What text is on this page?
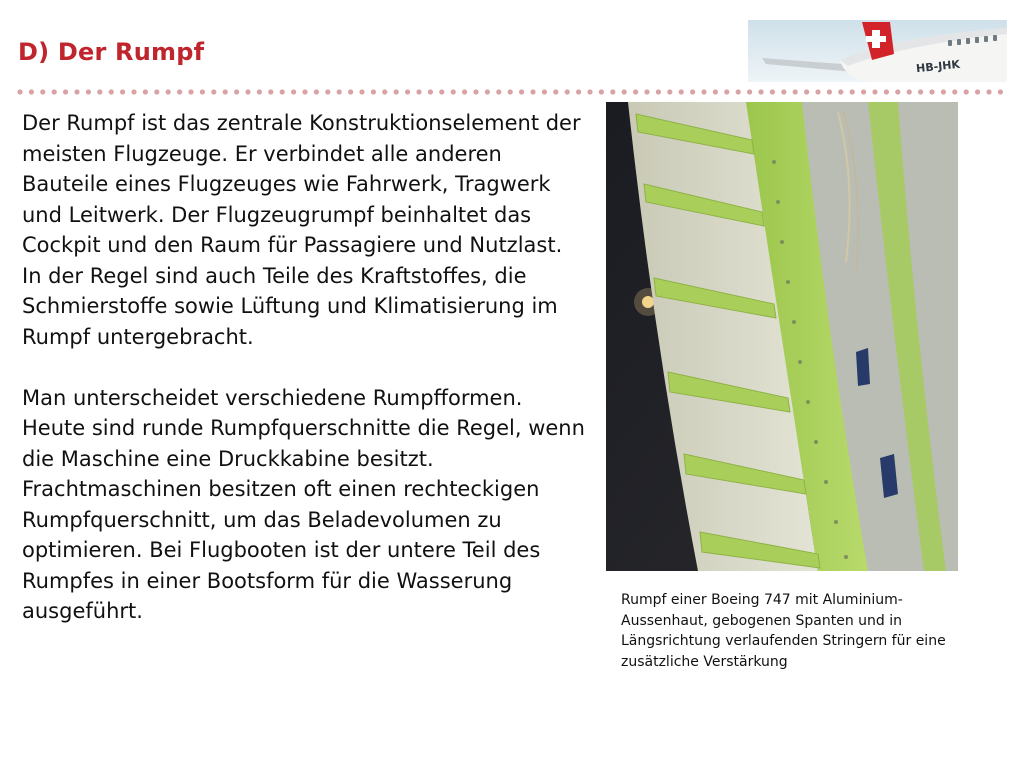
D) Der Rumpf
HB-JHK

Der Rumpf ist das zentrale Konstruktionselement der meisten Flugzeuge. Er verbindet alle anderen Bauteile eines Flugzeuges wie Fahrwerk, Tragwerk und Leitwerk. Der Flugzeugrumpf beinhaltet das Cockpit und den Raum für Passagiere und Nutzlast. In der Regel sind auch Teile des Kraftstoffes, die Schmierstoffe sowie Lüftung und Klimatisierung im Rumpf untergebracht.

Man unterscheidet verschiedene Rumpfformen. Heute sind runde Rumpfquerschnitte die Regel, wenn die Maschine eine Druckkabine besitzt. Frachtmaschinen besitzen oft einen rechteckigen Rumpfquerschnitt, um das Beladevolumen zu optimieren. Bei Flugbooten ist der untere Teil des Rumpfes in einer Bootsform für die Wasserung ausgeführt.	Rumpf einer Boeing 747 mit Aluminium-Aussenhaut, gebogenen Spanten und in Längsrichtung verlaufenden Stringern für eine zusätzliche Verstärkung
